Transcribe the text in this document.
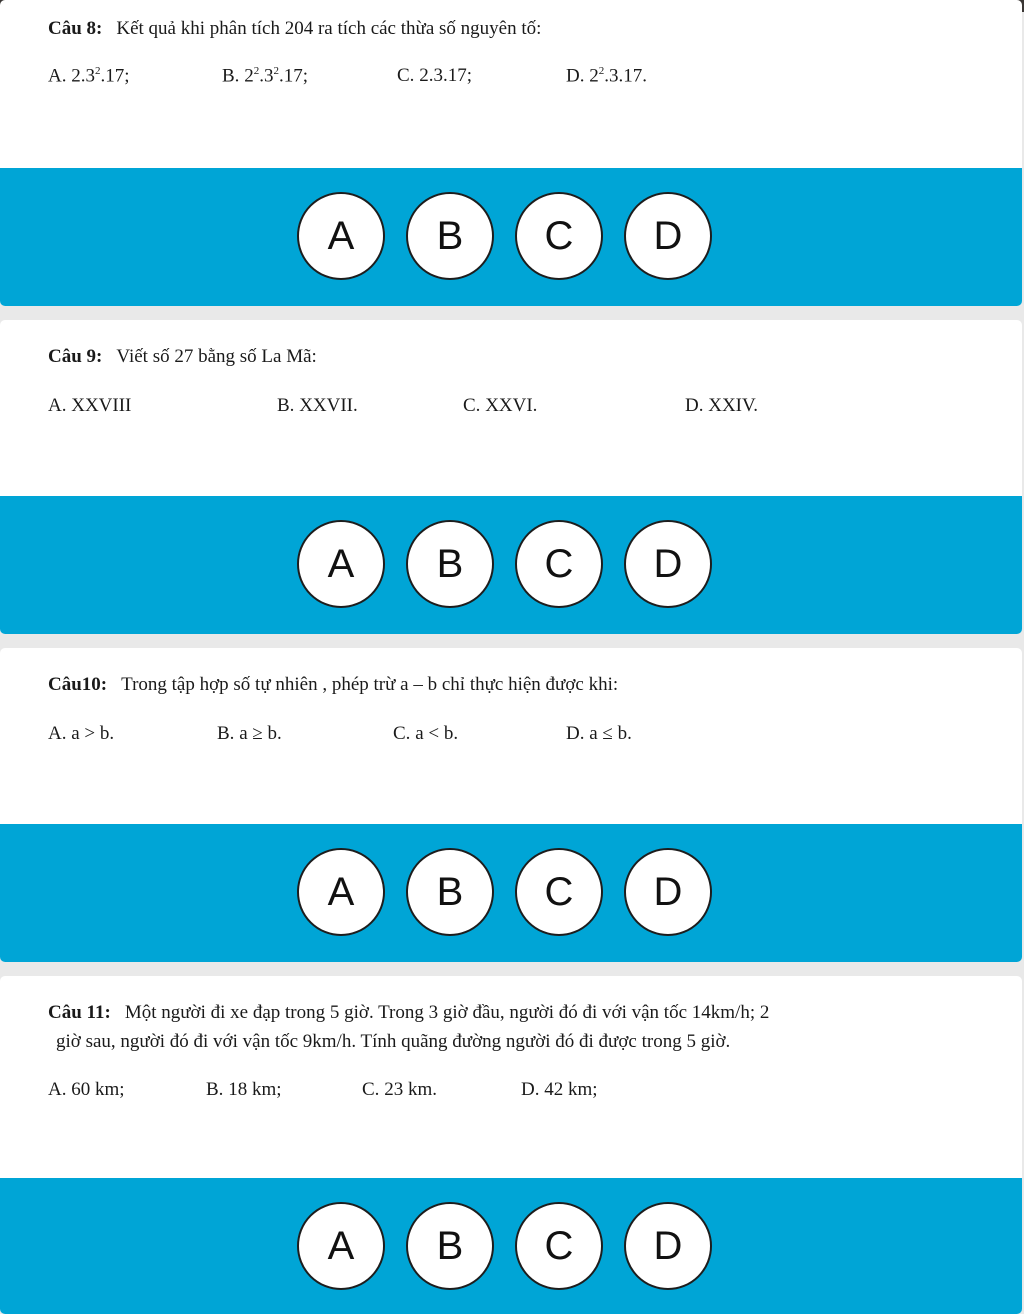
Câu 8: Kết quả khi phân tích 204 ra tích các thừa số nguyên tố:
A. $2.3^2.17$;	B. $2^2.3^2.17$;	C. 2.3.17;	D. $2^2.3.17$.
A	B	C	D
Câu 9: Viết số 27 bằng số La Mã:
A. XXVIII	B. XXVII.	C. XXVI.	D. XXIV.
A	B	C	D
Câu10: Trong tập hợp số tự nhiên , phép trừ a – b chỉ thực hiện được khi:
A. a > b.	B. a ≥ b.	C. a < b.	D. a ≤ b.
A	B	C	D
Câu 11: Một người đi xe đạp trong 5 giờ. Trong 3 giờ đầu, người đó đi với vận tốc 14km/h; 2
giờ sau, người đó đi với vận tốc 9km/h. Tính quãng đường người đó đi được trong 5 giờ.
A. 60 km;	B. 18 km;	C. 23 km.	D. 42 km;
A	B	C	D
